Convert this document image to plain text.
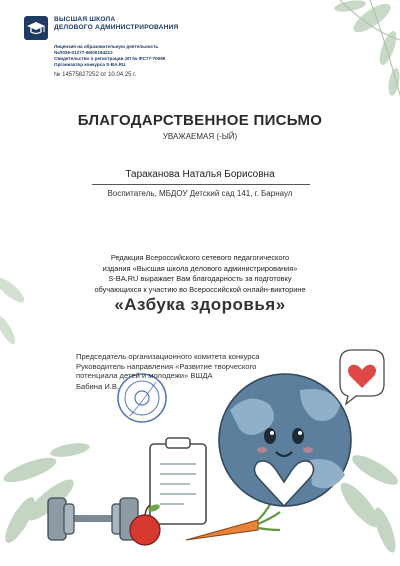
ВЫСШАЯ ШКОЛА
ДЕЛОВОГО АДМИНИСТРИРОВАНИЯ
Лицензия на образовательную деятельность
№Л035-01277-66/00194212
Свидетельство о регистрации ЭЛ № ФС77-70095
Организатор конкурса S-BA.RU
№ 14575827252 от 10.04.25 г.
БЛАГОДАРСТВЕННОЕ ПИСЬМО
УВАЖАЕМАЯ (-ЫЙ)
Тараканова Наталья Борисовна
Воспитатель, МБДОУ Детский сад 141, г. Барнаул
Редакция Всероссийского сетевого педагогического
издания «Высшая школа делового администрирования»
S-BA.RU выражает Вам благодарность за подготовку
обучающихся к участию во Всероссийской онлайн-викторине
«Азбука здоровья»
Председатель организационного комитета конкурса
Руководитель направления «Развитие творческого
потенциала детей и молодежи» ВШДА
Бабина И.В.
